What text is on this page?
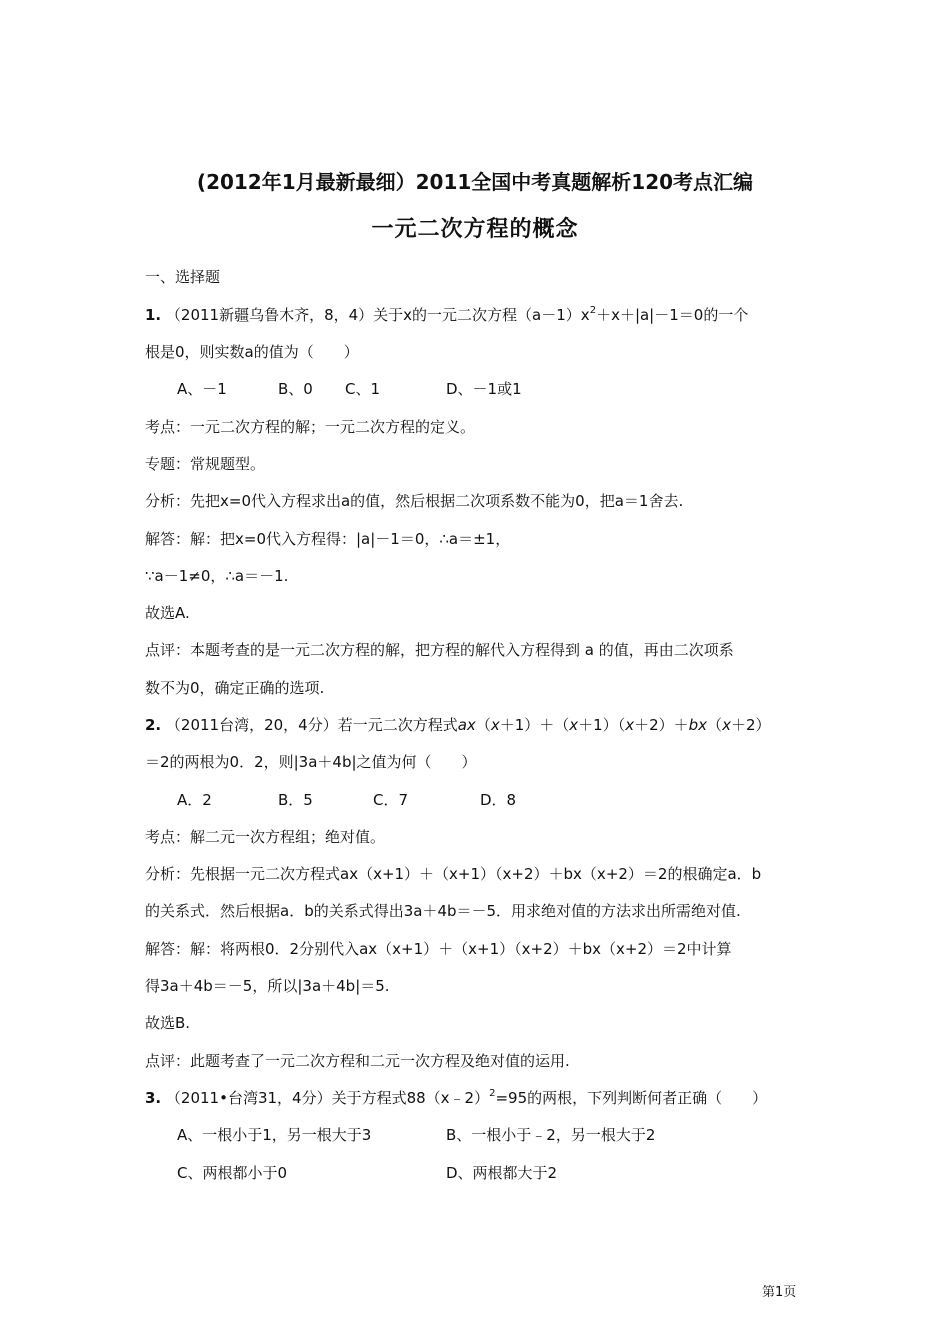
(2012年1月最新最细）2011全国中考真题解析120考点汇编
一元二次方程的概念
一、选择题
1. （2011新疆乌鲁木齐，8，4）关于x的一元二次方程$(a-1)x^2+x+|a|-1=0$的一个
根是0，则实数a的值为（　　）
A、－1	B、0 C、1	D、－1或1
考点：一元二次方程的解；一元二次方程的定义。
专题：常规题型。
分析：先把x=0代入方程求出a的值，然后根据二次项系数不能为0，把a＝1舍去.
解答：解：把x=0代入方程得：|a|－1＝0，∴a＝±1，
∵a－1≠0，∴a＝－1.
故选A.
点评：本题考查的是一元二次方程的解，把方程的解代入方程得到 a 的值，再由二次项系
数不为0，确定正确的选项.
2. （2011台湾，20，4分）若一元二次方程式ax（x＋1）＋（x＋1）（x＋2）＋bx（x＋2）
＝2的两根为0．2，则|3a＋4b|之值为何（　　）
A．2	B．5	C．7	D．8
考点：解二元一次方程组；绝对值。
分析：先根据一元二次方程式ax（x+1）＋（x+1）（x+2）＋bx（x+2）＝2的根确定a．b
的关系式．然后根据a．b的关系式得出3a＋4b＝－5．用求绝对值的方法求出所需绝对值.
解答：解：将两根0．2分别代入ax（x+1）＋（x+1）（x+2）＋bx（x+2）＝2中计算
得3a＋4b＝－5，所以|3a＋4b|＝5.
故选B.
点评：此题考查了一元二次方程和二元一次方程及绝对值的运用.
3. （2011•台湾31，4分）关于方程式88（x﹣2）$^2$=95的两根，下列判断何者正确（　　）
A、一根小于1，另一根大于3	B、一根小于﹣2，另一根大于2
C、两根都小于0	D、两根都大于2
第1页
